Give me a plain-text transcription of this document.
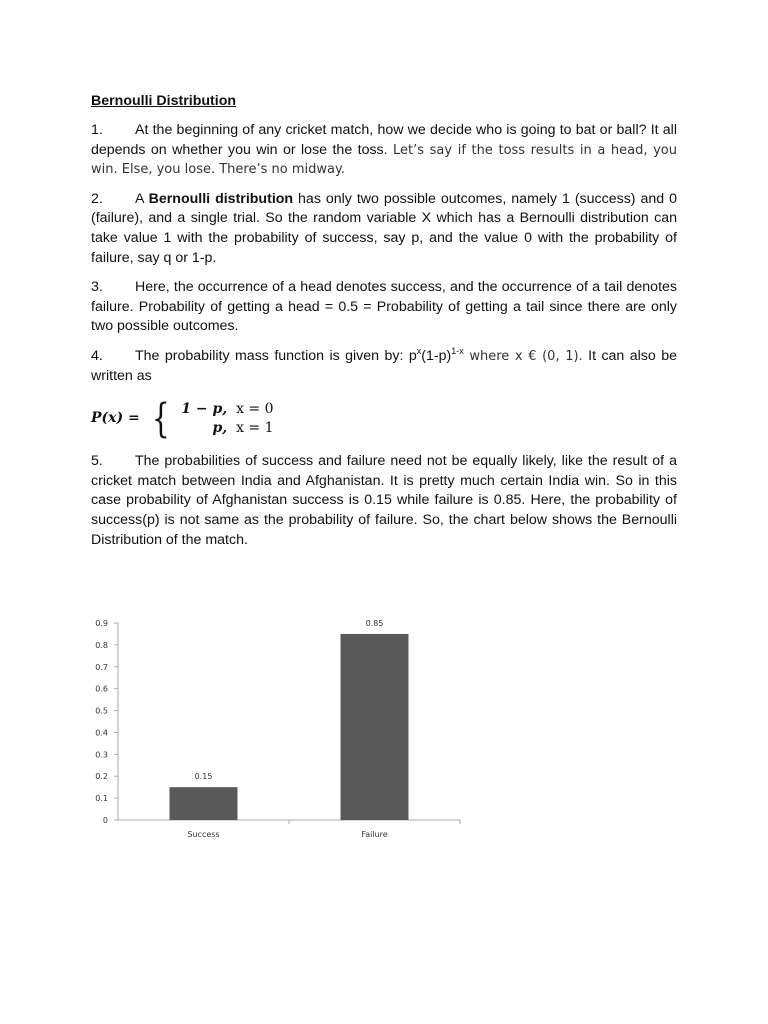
Bernoulli Distribution

1. At the beginning of any cricket match, how we decide who is going to bat or ball? It all depends on whether you win or lose the toss. Let’s say if the toss results in a head, you win. Else, you lose. There’s no midway.

2. A Bernoulli distribution has only two possible outcomes, namely 1 (success) and 0 (failure), and a single trial. So the random variable X which has a Bernoulli distribution can take value 1 with the probability of success, say p, and the value 0 with the probability of failure, say q or 1-p.

3. Here, the occurrence of a head denotes success, and the occurrence of a tail denotes failure. Probability of getting a head = 0.5 = Probability of getting a tail since there are only two possible outcomes.

4. The probability mass function is given by: $p^x(1-p)^{1-x}$ where x € (0, 1). It can also be written as

P(x) = { 1 − p,  x = 0
p,  x = 1

5. The probabilities of success and failure need not be equally likely, like the result of a cricket match between India and Afghanistan. It is pretty much certain India win. So in this case probability of Afghanistan success is 0.15 while failure is 0.85. Here, the probability of success(p) is not same as the probability of failure. So, the chart below shows the Bernoulli Distribution of the match.

0
0.1
0.2
0.3
0.4
0.5
0.6
0.7
0.8
0.9
0.15
Success
0.85
Failure
